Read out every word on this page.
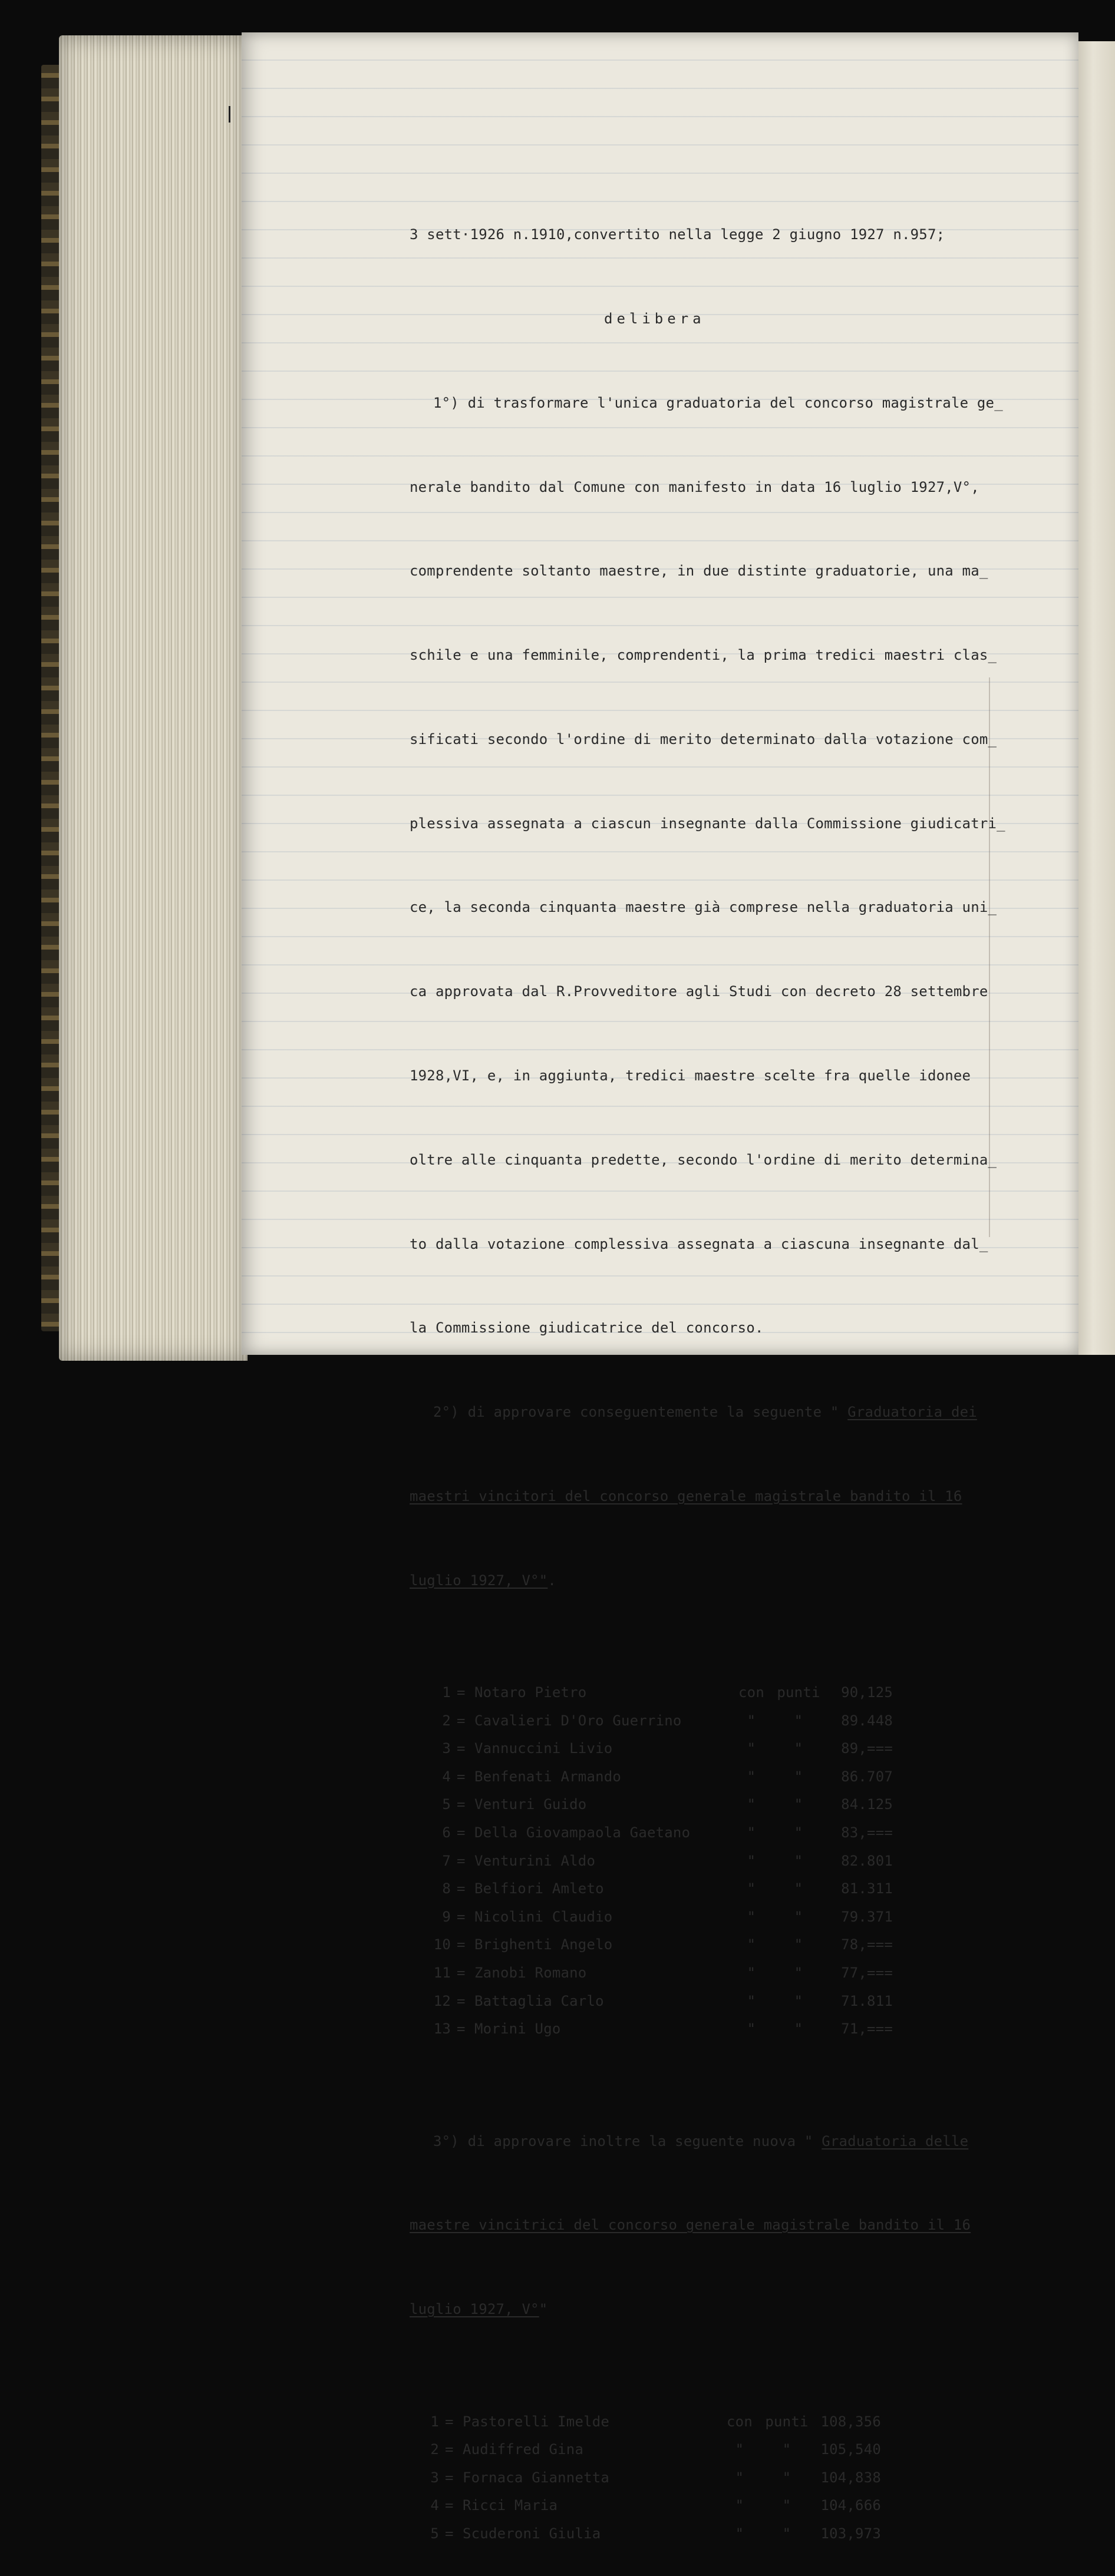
3 sett·1926 n.1910,convertito nella legge 2 giugno 1927 n.957;

delibera

1°) di trasformare l'unica graduatoria del concorso magistrale ge_

nerale bandito dal Comune con manifesto in data 16 luglio 1927,V°,

comprendente soltanto maestre, in due distinte graduatorie, una ma_

schile e una femminile, comprendenti, la prima tredici maestri clas_

sificati secondo l'ordine di merito determinato dalla votazione com_

plessiva assegnata a ciascun insegnante dalla Commissione giudicatri_

ce, la seconda cinquanta maestre già comprese nella graduatoria uni_

ca approvata dal R.Provveditore agli Studi con decreto 28 settembre

1928,VI, e, in aggiunta, tredici maestre scelte fra quelle idonee

oltre alle cinquanta predette, secondo l'ordine di merito determina_

to dalla votazione complessiva assegnata a ciascuna insegnante dal_

la Commissione giudicatrice del concorso.

2°) di approvare conseguentemente la seguente " Graduatoria dei

maestri vincitori del concorso generale magistrale bandito il 16

luglio 1927, V°".

1 = Notaro Pietro	con punti	90,125
2 = Cavalieri D'Oro Guerrino	"	"	89.448
3 = Vannuccini Livio	"	"	89,===
4 = Benfenati Armando	"	"	86.707
5 = Venturi Guido	"	"	84.125
6 = Della Giovampaola Gaetano	"	"	83,===
7 = Venturini Aldo	"	"	82.801
8 = Belfiori Amleto	"	"	81.311
9 = Nicolini Claudio	"	"	79.371
10 = Brighenti Angelo	"	"	78,===
11 = Zanobi Romano	"	"	77,===
12 = Battaglia Carlo	"	"	71.811
13 = Morini Ugo	"	"	71,===

3°) di approvare inoltre la seguente nuova " Graduatoria delle

maestre vincitrici del concorso generale magistrale bandito il 16

luglio 1927, V°"

1 = Pastorelli Imelde	con punti 108,356
2 = Audiffred Gina	"	"	105,540
3 = Fornaca Giannetta	"	"	104,838
4 = Ricci Maria	"	"	104,666
5 = Scuderoni Giulia	"	"	103,973
